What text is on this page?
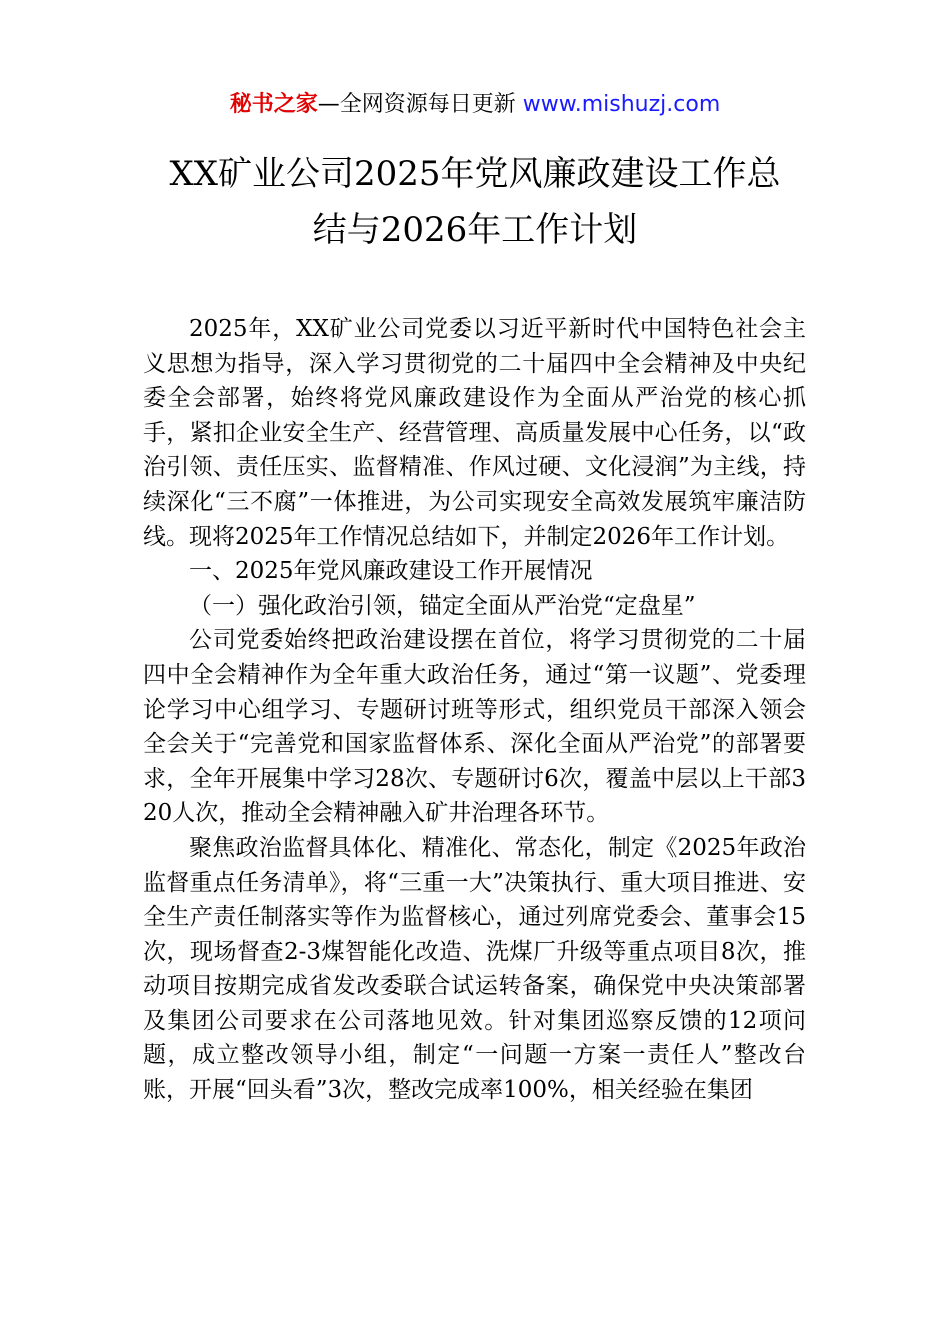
秘书之家—全网资源每日更新 www.mishuzj.com
XX矿业公司2025年党风廉政建设工作总
结与2026年工作计划

2025年，XX矿业公司党委以习近平新时代中国特色社会主义思想为指导，深入学习贯彻党的二十届四中全会精神及中央纪委全会部署，始终将党风廉政建设作为全面从严治党的核心抓手，紧扣企业安全生产、经营管理、高质量发展中心任务，以“政治引领、责任压实、监督精准、作风过硬、文化浸润”为主线，持续深化“三不腐”一体推进，为公司实现安全高效发展筑牢廉洁防线。现将2025年工作情况总结如下，并制定2026年工作计划。

一、2025年党风廉政建设工作开展情况

（一）强化政治引领，锚定全面从严治党“定盘星”

公司党委始终把政治建设摆在首位，将学习贯彻党的二十届四中全会精神作为全年重大政治任务，通过“第一议题”、党委理论学习中心组学习、专题研讨班等形式，组织党员干部深入领会全会关于“完善党和国家监督体系、深化全面从严治党”的部署要求，全年开展集中学习28次、专题研讨6次，覆盖中层以上干部320人次，推动全会精神融入矿井治理各环节。

聚焦政治监督具体化、精准化、常态化，制定《2025年政治监督重点任务清单》，将“三重一大”决策执行、重大项目推进、安全生产责任制落实等作为监督核心，通过列席党委会、董事会15次，现场督查2-3煤智能化改造、洗煤厂升级等重点项目8次，推动项目按期完成省发改委联合试运转备案，确保党中央决策部署及集团公司要求在公司落地见效。针对集团巡察反馈的12项问题，成立整改领导小组，制定“一问题一方案一责任人”整改台账，开展“回头看”3次，整改完成率100%，相关经验在集团
